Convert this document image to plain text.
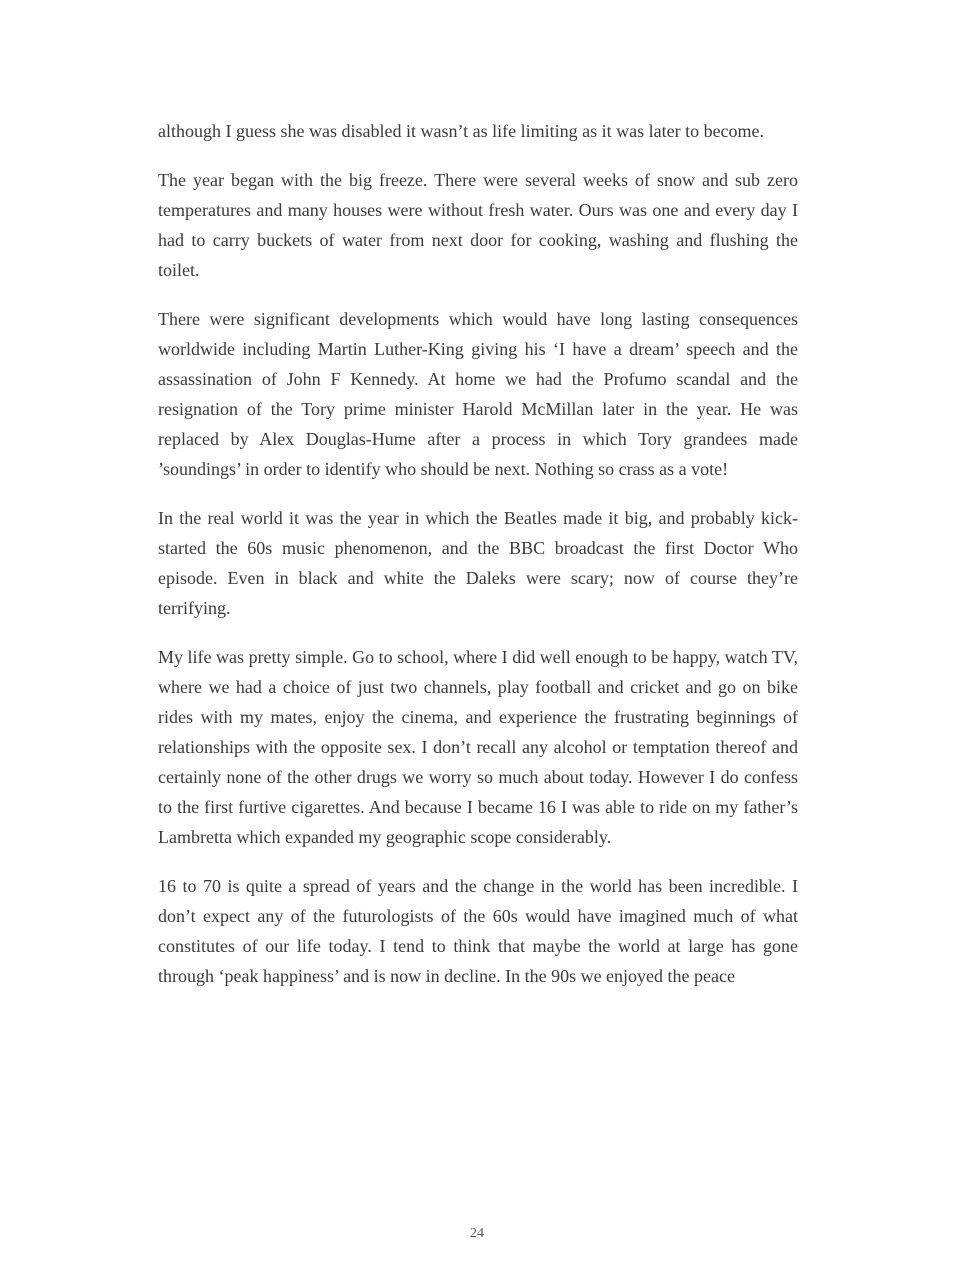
although I guess she was disabled it wasn’t as life limiting as it was later to become.

The year began with the big freeze. There were several weeks of snow and sub zero temperatures and many houses were without fresh water. Ours was one and every day I had to carry buckets of water from next door for cooking, washing and flushing the toilet.

There were significant developments which would have long lasting consequences worldwide including Martin Luther-King giving his ‘I have a dream’ speech and the assassination of John F Kennedy. At home we had the Profumo scandal and the resignation of the Tory prime minister Harold McMillan later in the year. He was replaced by Alex Douglas-Hume after a process in which Tory grandees made ’soundings’ in order to identify who should be next. Nothing so crass as a vote!

In the real world it was the year in which the Beatles made it big, and probably kick-started the 60s music phenomenon, and the BBC broadcast the first Doctor Who episode. Even in black and white the Daleks were scary; now of course they’re terrifying.

My life was pretty simple. Go to school, where I did well enough to be happy, watch TV, where we had a choice of just two channels, play football and cricket and go on bike rides with my mates, enjoy the cinema, and experience the frustrating beginnings of relationships with the opposite sex. I don’t recall any alcohol or temptation thereof and certainly none of the other drugs we worry so much about today. However I do confess to the first furtive cigarettes. And because I became 16 I was able to ride on my father’s Lambretta which expanded my geographic scope considerably.

16 to 70 is quite a spread of years and the change in the world has been incredible. I don’t expect any of the futurologists of the 60s would have imagined much of what constitutes of our life today. I tend to think that maybe the world at large has gone through ‘peak happiness’ and is now in decline. In the 90s we enjoyed the peace

24
